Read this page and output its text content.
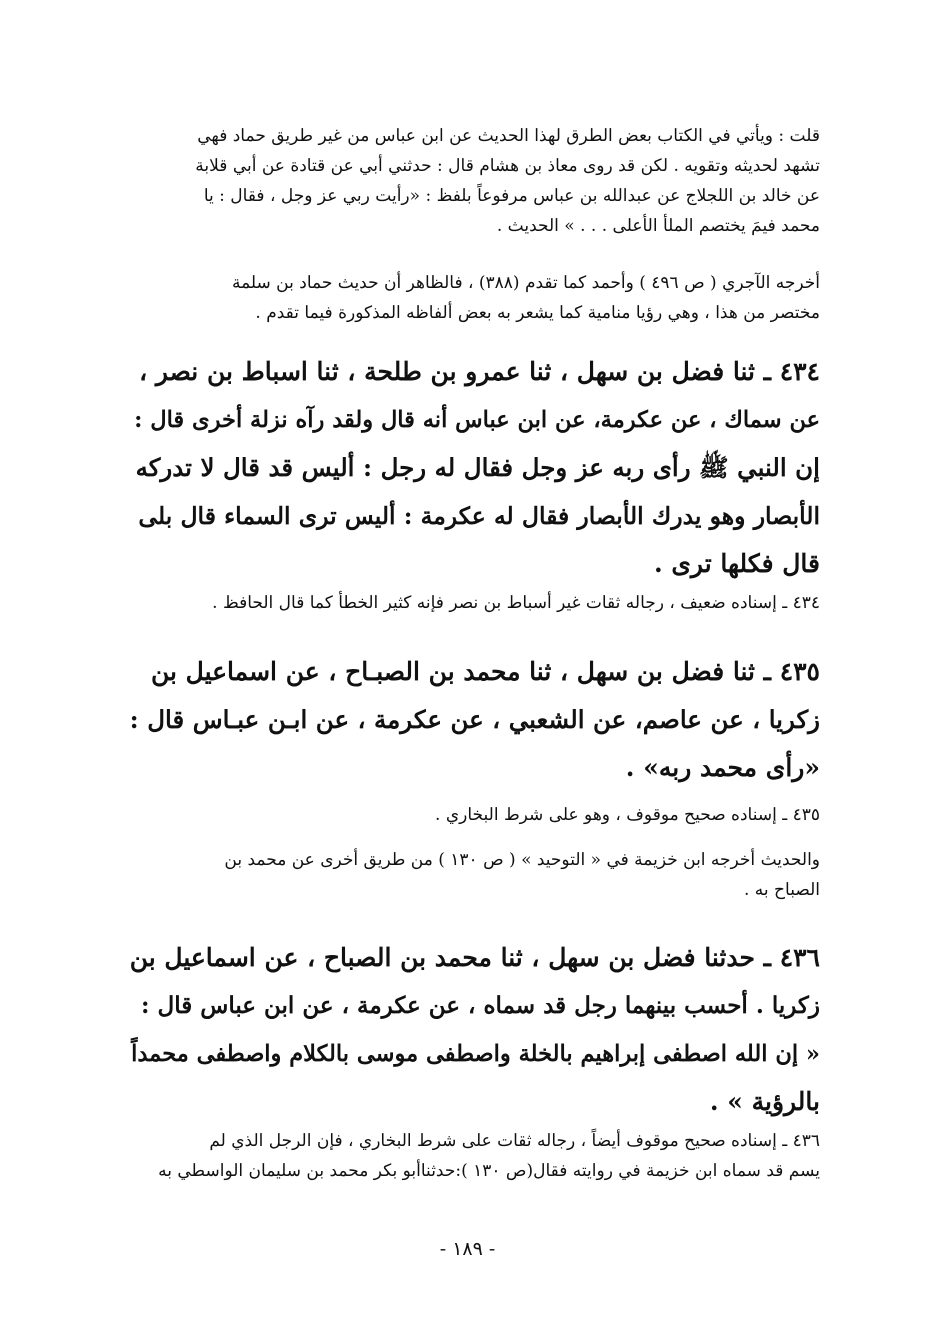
قلت : ويأتي في الكتاب بعض الطرق لهذا الحديث عن ابن عباس من غير طريق حماد فهي
تشهد لحديثه وتقويه . لكن قد روى معاذ بن هشام قال : حدثني أبي عن قتادة عن أبي قلابة
عن خالد بن اللجلاج عن عبدالله بن عباس مرفوعاً بلفظ : «رأيت ربي عز وجل ، فقال : يا
محمد فيمَ يختصم الملأ الأعلى . . . » الحديث .
أخرجه الآجري ( ص ٤٩٦ ) وأحمد كما تقدم (٣٨٨) ، فالظاهر أن حديث حماد بن سلمة
مختصر من هذا ، وهي رؤيا منامية كما يشعر به بعض ألفاظه المذكورة فيما تقدم .
٤٣٤ ـ ثنا فضل بن سهل ، ثنا عمرو بن طلحة ، ثنا اسباط بن نصر ،
عن سماك ، عن عكرمة، عن ابن عباس أنه قال ولقد رآه نزلة أخرى قال :
إن النبي ﷺ رأى ربه عز وجل فقال له رجل : أليس قد قال لا تدركه
الأبصار وهو يدرك الأبصار فقال له عكرمة : أليس ترى السماء قال بلى
قال فكلها ترى .
٤٣٤ ـ إسناده ضعيف ، رجاله ثقات غير أسباط بن نصر فإنه كثير الخطأ كما قال الحافظ .
٤٣٥ ـ ثنا فضل بن سهل ، ثنا محمد بن الصبـاح ، عن اسماعيل بن
زكريا ، عن عاصم، عن الشعبي ، عن عكرمة ، عن ابـن عبـاس قال :
«رأى محمد ربه» .
٤٣٥ ـ إسناده صحيح موقوف ، وهو على شرط البخاري .
والحديث أخرجه ابن خزيمة في « التوحيد » ( ص ١٣٠ ) من طريق أخرى عن محمد بن
الصباح به .
٤٣٦ ـ حدثنا فضل بن سهل ، ثنا محمد بن الصباح ، عن اسماعيل بن
زكريا . أحسب بينهما رجل قد سماه ، عن عكرمة ، عن ابن عباس قال :
« إن الله اصطفى إبراهيم بالخلة واصطفى موسى بالكلام واصطفى محمداً
بالرؤية » .
٤٣٦ ـ إسناده صحيح موقوف أيضاً ، رجاله ثقات على شرط البخاري ، فإن الرجل الذي لم
يسم قد سماه ابن خزيمة في روايته فقال(ص ١٣٠ ):حدثناأبو بكر محمد بن سليمان الواسطي به
- ١٨٩ -
